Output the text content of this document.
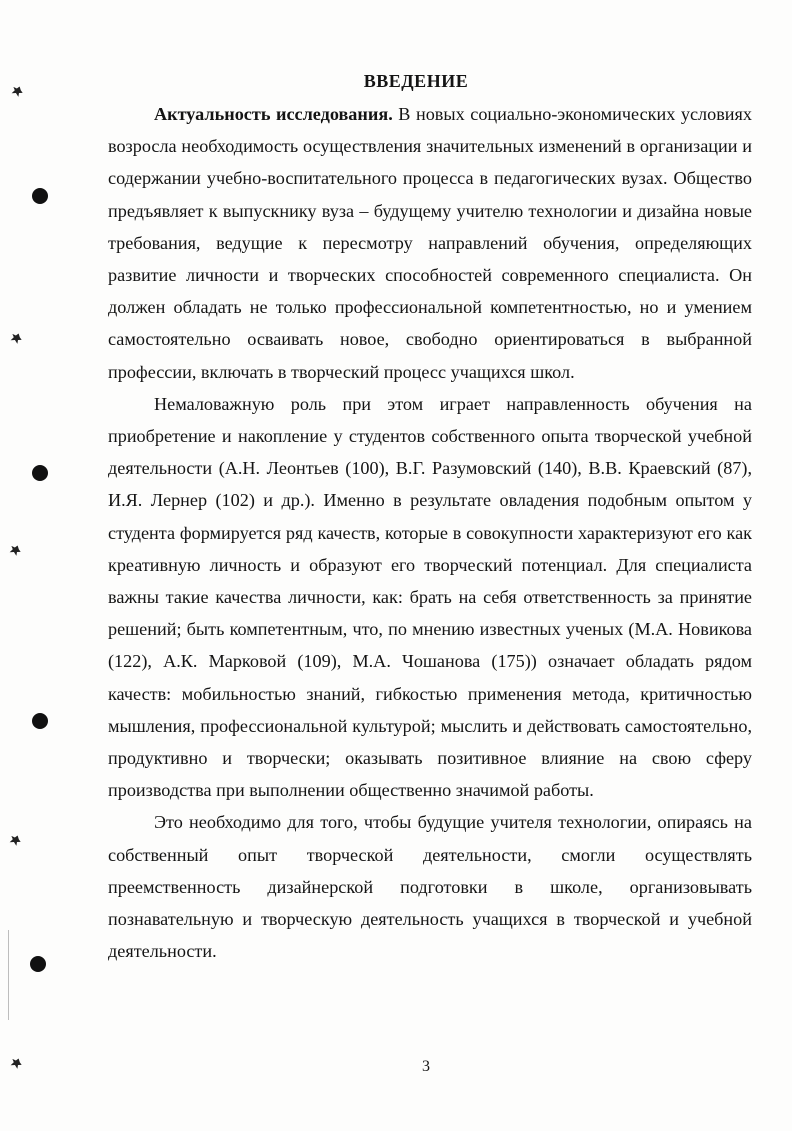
ВВЕДЕНИЕ

Актуальность исследования. В новых социально-экономических условиях возросла необходимость осуществления значительных изменений в организации и содержании учебно-воспитательного процесса в педагогических вузах. Общество предъявляет к выпускнику вуза – будущему учителю технологии и дизайна новые требования, ведущие к пересмотру направлений обучения, определяющих развитие личности и творческих способностей современного специалиста. Он должен обладать не только профессиональной компетентностью, но и умением самостоятельно осваивать новое, свободно ориентироваться в выбранной профессии, включать в творческий процесс учащихся школ.

Немаловажную роль при этом играет направленность обучения на приобретение и накопление у студентов собственного опыта творческой учебной деятельности (А.Н. Леонтьев (100), В.Г. Разумовский (140), В.В. Краевский (87), И.Я. Лернер (102) и др.). Именно в результате овладения подобным опытом у студента формируется ряд качеств, которые в совокупности характеризуют его как креативную личность и образуют его творческий потенциал. Для специалиста важны такие качества личности, как: брать на себя ответственность за принятие решений; быть компетентным, что, по мнению известных ученых (М.А. Новикова (122), А.К. Марковой (109), М.А. Чошанова (175)) означает обладать рядом качеств: мобильностью знаний, гибкостью применения метода, критичностью мышления, профессиональной культурой; мыслить и действовать самостоятельно, продуктивно и творчески; оказывать позитивное влияние на свою сферу производства при выполнении общественно значимой работы.

Это необходимо для того, чтобы будущие учителя технологии, опираясь на собственный опыт творческой деятельности, смогли осуществлять преемственность дизайнерской подготовки в школе, организовывать познавательную и творческую деятельность учащихся в творческой и учебной деятельности.

3
